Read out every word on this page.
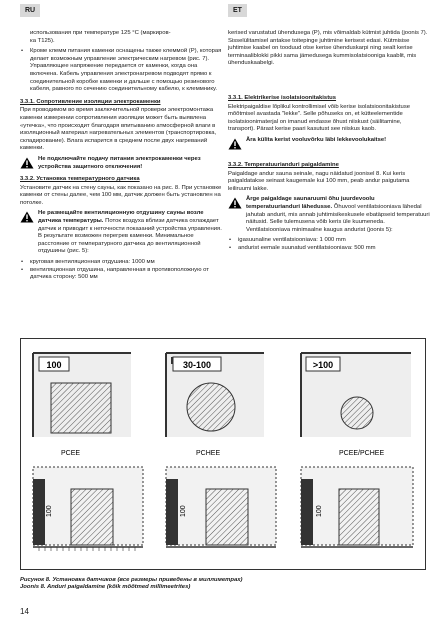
RU	ET
использования при температуре 125 °C (маркиров-
ка T125).
• Кроме клемм питания каменки оснащены также клеммой (P), которая делает возможным управление электрическим нагревом (рис. 7). Управляющее напряжение передается от каменки, когда она включена. Кабель управления электронагревом подводят прямо к соединительной коробке каменки и дальше с помощью резинового кабеля, равного по сечению соединительному кабелю, к клеммнику.
3.3.1. Сопротивление изоляции электрокаменки
При проводимом во время заключительной проверки электромонтажа каменки измерении сопротивления изоляции может быть выявлена «утечка», что происходит благодаря впитыванию атмосферной влаги в изоляционный материал нагревательных элементов (транспортировка, складирование). Влага испарится в среднем после двух нагреваний каменки.
Не подключайте подачу питания электрокаменки через устройства защитного отключения!
3.3.2. Установка температурного датчика
Установите датчик на стену сауны, как показано на рис. 8. При установке каменки от стены далее, чем 100 мм, датчик должен быть установлен на потолке.
Не размещайте вентиляционную отдушину сауны возле датчика температуры. Поток воздуха вблизи датчика охлаждает датчик и приводит к неточности показаний устройства управления. В результате возможен перегрев каменки. Минимальное расстояние от температурного датчика до вентиляционной отдушины (рис. 5):
• круговая вентиляционная отдушина: 1000 мм
• вентиляционная отдушина, направленная в противоположную от датчика сторону: 500 мм
kerised varustatud ühendusega (P), mis võimaldab kütmist juhtida (joonis 7). Sisselülitamisel antakse toitepinge juhtimine kerisest edasi. Kütmisise juhtimise kaabel on tooduud otse kerise ühenduskarpi ning sealt kerise terminaaliblokki pikki sama jämedusega kummisolatsiooniga kaablit, mis ühenduskaabelgi.
3.3.1. Elektrikerise isolatsioonitakistus
Elektripaigaldise lõplikul kontrollimisel võib kerise isolatsioonitakistuse mõõtmisel avastada "lekke". Selle põhuseks on, et kütteelementide isolatsioonimaterjal on imanud endasse õhust niiskust (säilitamine, transport). Pärast kerise paari kasutust see niiskus kaob.
Ära külita kerist vooluvõrku läbi lekkevoolukaitse!
3.3.2. Temperatuurianduri paigaldamine
Paigaldage andur sauna seinale, nagu näidatud joonisel 8. Kui keris paigaldatakse seinast kaugemale kui 100 mm, peab andur paigutama leiliruumi lakke.
Ärge paigaldage saunaruumi õhu juurdevoolu temperatuurianduri lähedusse. Õhuvool ventilatsiooniava lähedal jahutab andurit, mis annab juhtimisikeskusele ebatäpseid temperatuuri näitusid. Selle tulemusena võib keris üle kuumeneda. Ventilatsiooniava minimaalne kaugus andurist (joonis 5):
• igasuunaline ventilatsiooniava: 1 000 mm
• andurist eemale suunatud ventilatsiooniava: 500 mm
100	30-100	>100
PCEE	PCHEE	PCEE/PCHEE
100	100	100
Рисунок 8. Установка датчиков (все размеры приведены в миллиметрах)
Joonis 8. Anduri paigaldamine (kõik mõõtmed millimeetrites)
14
